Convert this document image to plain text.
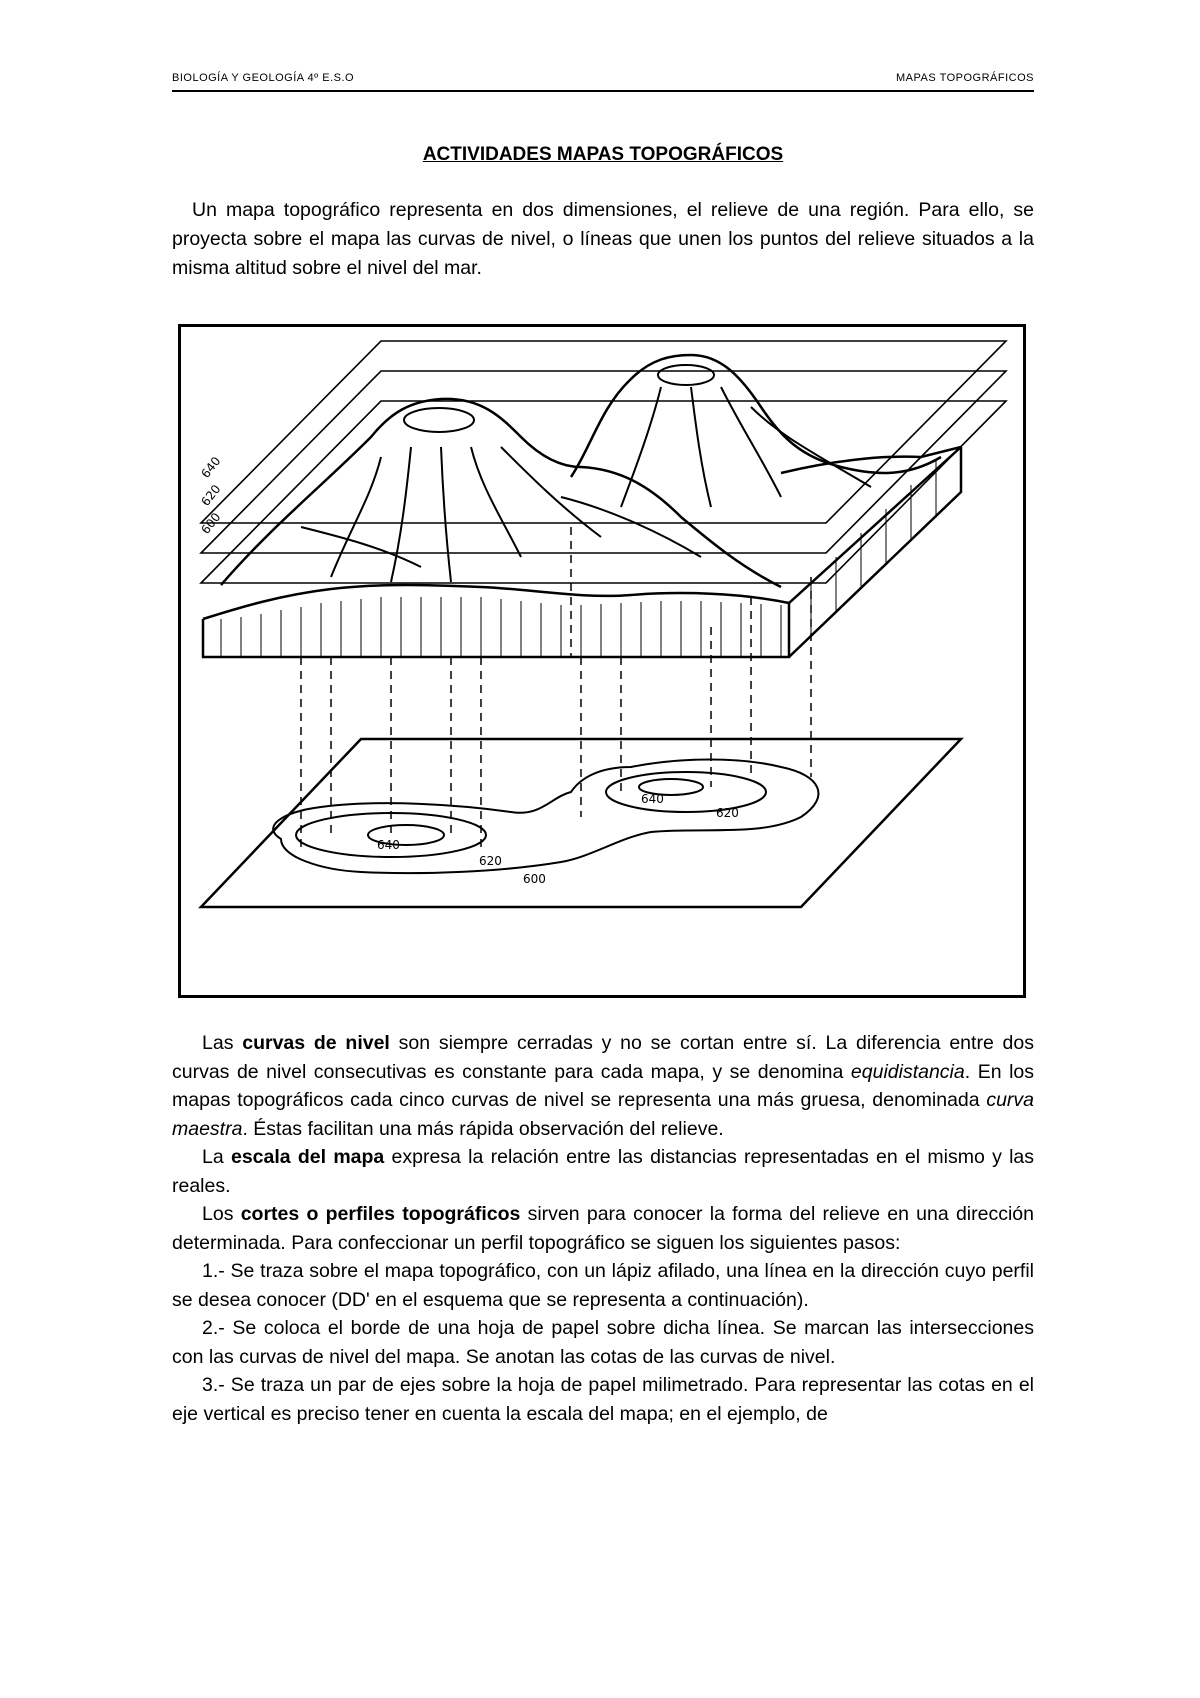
BIOLOGÍA Y GEOLOGÍA 4º E.S.O	MAPAS TOPOGRÁFICOS
ACTIVIDADES MAPAS TOPOGRÁFICOS

Un mapa topográfico representa en dos dimensiones, el relieve de una región. Para ello, se proyecta sobre el mapa las curvas de nivel, o líneas que unen los puntos del relieve situados a la misma altitud sobre el nivel del mar.

640
620
600
640
620
600
640
620

Las curvas de nivel son siempre cerradas y no se cortan entre sí. La diferencia entre dos curvas de nivel consecutivas es constante para cada mapa, y se denomina equidistancia. En los mapas topográficos cada cinco curvas de nivel se representa una más gruesa, denominada curva maestra. Éstas facilitan una más rápida observación del relieve.

La escala del mapa expresa la relación entre las distancias representadas en el mismo y las reales.

Los cortes o perfiles topográficos sirven para conocer la forma del relieve en una dirección determinada. Para confeccionar un perfil topográfico se siguen los siguientes pasos:

1.- Se traza sobre el mapa topográfico, con un lápiz afilado, una línea en la dirección cuyo perfil se desea conocer (DD' en el esquema que se representa a continuación).

2.- Se coloca el borde de una hoja de papel sobre dicha línea. Se marcan las intersecciones con las curvas de nivel del mapa. Se anotan las cotas de las curvas de nivel.

3.- Se traza un par de ejes sobre la hoja de papel milimetrado. Para representar las cotas en el eje vertical es preciso tener en cuenta la escala del mapa; en el ejemplo, de
